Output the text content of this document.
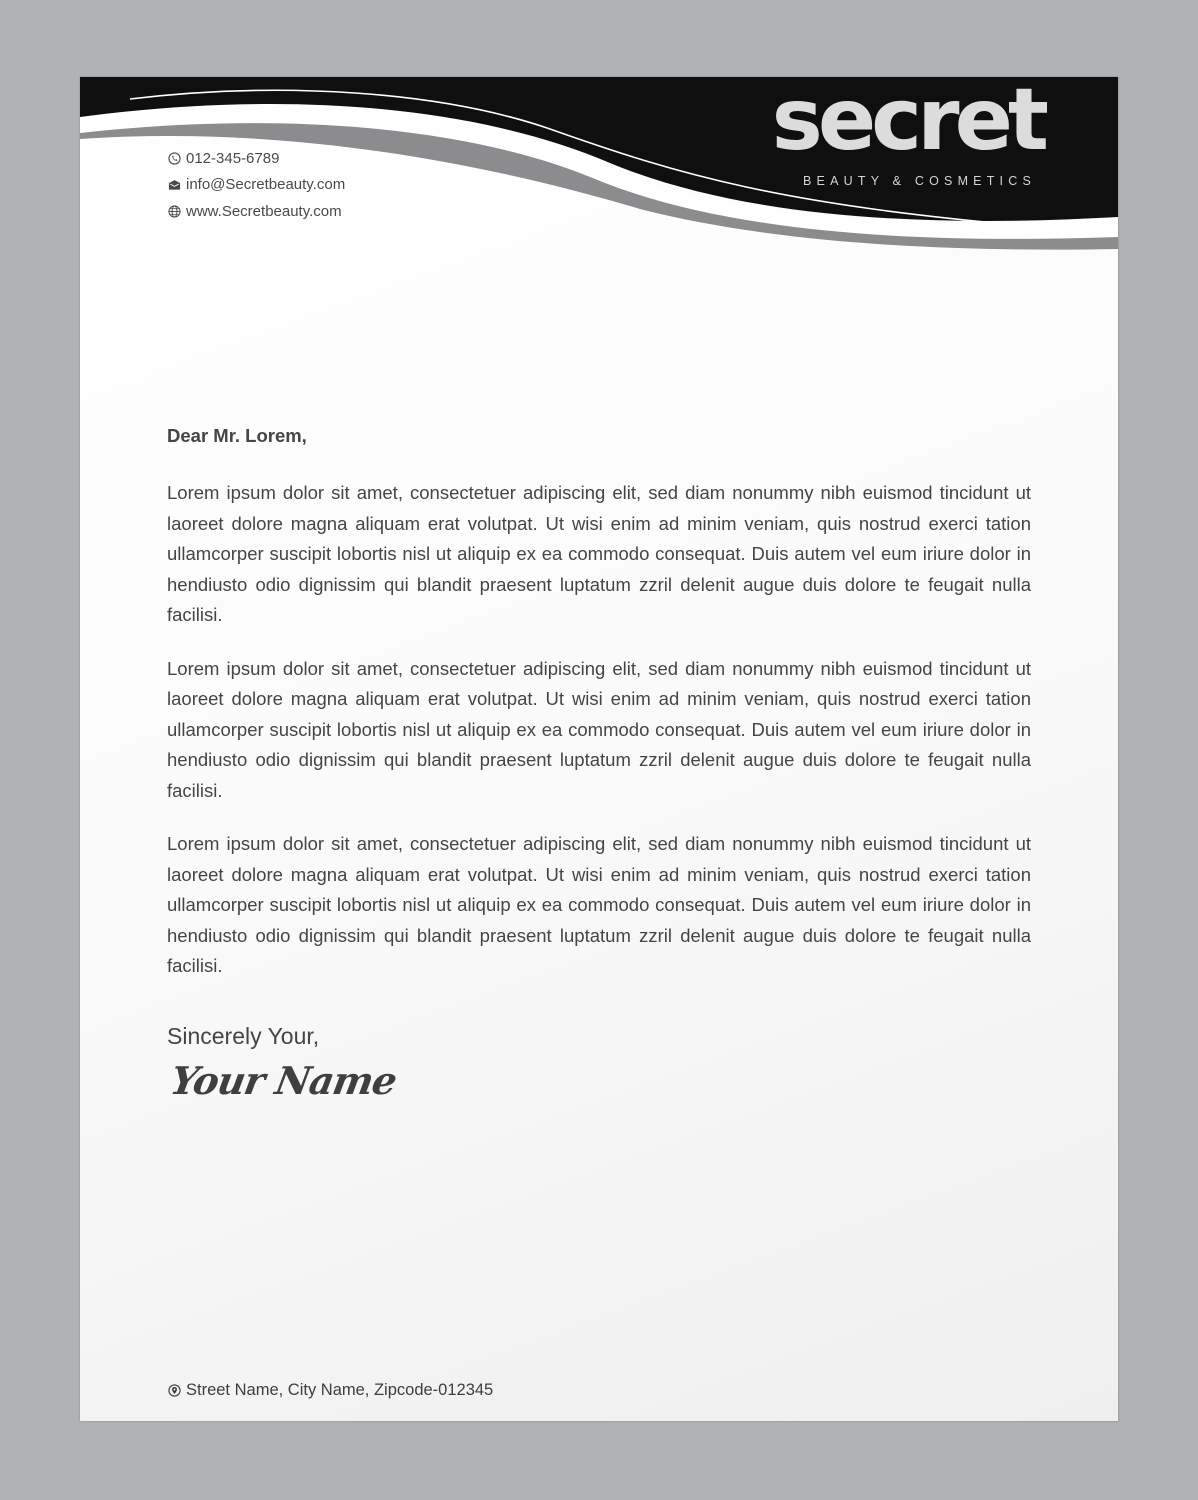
secret
BEAUTY & COSMETICS
012-345-6789
info@Secretbeauty.com
www.Secretbeauty.com

Dear Mr. Lorem,

Lorem ipsum dolor sit amet, consectetuer adipiscing elit, sed diam nonummy nibh euismod tincidunt ut laoreet dolore magna aliquam erat volutpat. Ut wisi enim ad minim veniam, quis nostrud exerci tation ullamcorper suscipit lobortis nisl ut aliquip ex ea commodo consequat. Duis autem vel eum iriure dolor in hendiusto odio dignissim qui blandit praesent luptatum zzril delenit augue duis dolore te feugait nulla facilisi.

Lorem ipsum dolor sit amet, consectetuer adipiscing elit, sed diam nonummy nibh euismod tincidunt ut laoreet dolore magna aliquam erat volutpat. Ut wisi enim ad minim veniam, quis nostrud exerci tation ullamcorper suscipit lobortis nisl ut aliquip ex ea commodo consequat. Duis autem vel eum iriure dolor in hendiusto odio dignissim qui blandit praesent luptatum zzril delenit augue duis dolore te feugait nulla facilisi.

Lorem ipsum dolor sit amet, consectetuer adipiscing elit, sed diam nonummy nibh euismod tincidunt ut laoreet dolore magna aliquam erat volutpat. Ut wisi enim ad minim veniam, quis nostrud exerci tation ullamcorper suscipit lobortis nisl ut aliquip ex ea commodo consequat. Duis autem vel eum iriure dolor in hendiusto odio dignissim qui blandit praesent luptatum zzril delenit augue duis dolore te feugait nulla facilisi.

Sincerely Your,
Your Name
Street Name, City Name, Zipcode-012345
